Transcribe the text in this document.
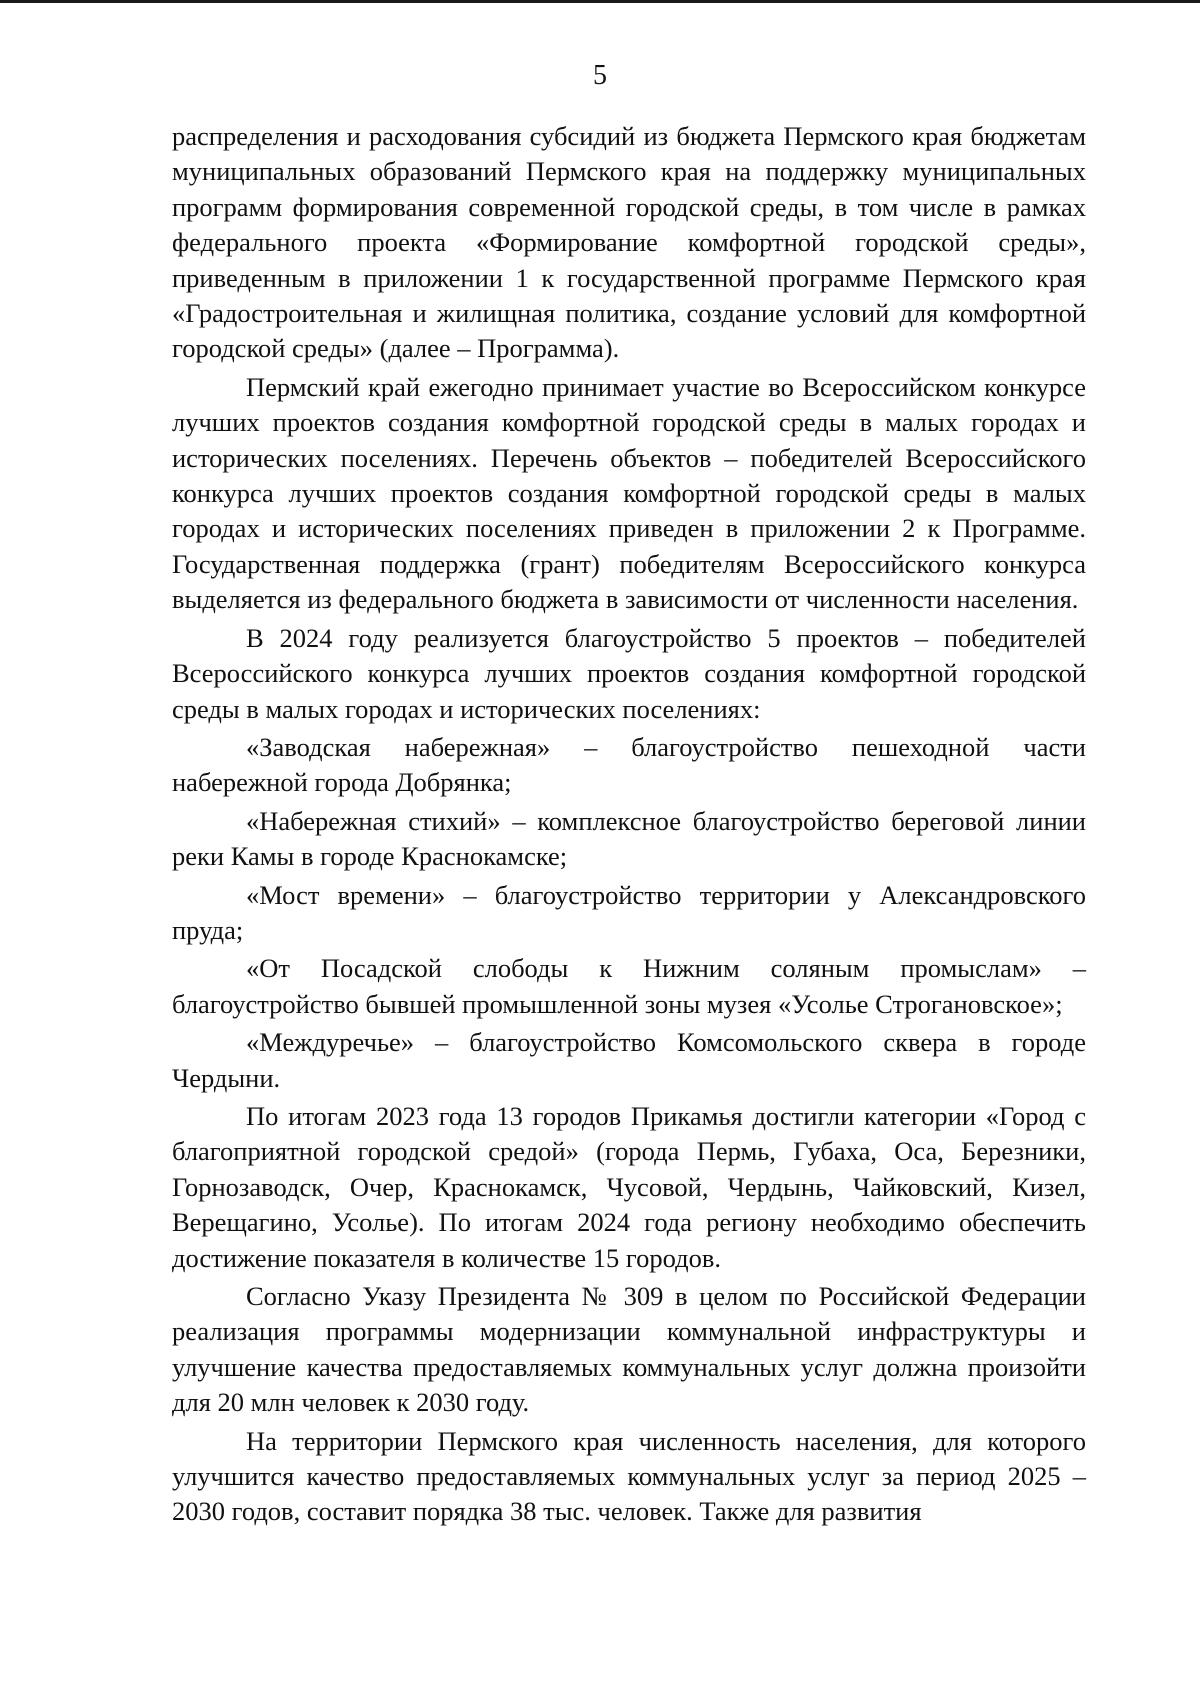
5

распределения и расходования субсидий из бюджета Пермского края бюджетам муниципальных образований Пермского края на поддержку муниципальных программ формирования современной городской среды, в том числе в рамках федерального проекта «Формирование комфортной городской среды», приведенным в приложении 1 к государственной программе Пермского края «Градостроительная и жилищная политика, создание условий для комфортной городской среды» (далее – Программа).

Пермский край ежегодно принимает участие во Всероссийском конкурсе лучших проектов создания комфортной городской среды в малых городах и исторических поселениях. Перечень объектов – победителей Всероссийского конкурса лучших проектов создания комфортной городской среды в малых городах и исторических поселениях приведен в приложении 2 к Программе. Государственная поддержка (грант) победителям Всероссийского конкурса выделяется из федерального бюджета в зависимости от численности населения.

В 2024 году реализуется благоустройство 5 проектов – победителей Всероссийского конкурса лучших проектов создания комфортной городской среды в малых городах и исторических поселениях:

«Заводская набережная» – благоустройство пешеходной части набережной города Добрянка;

«Набережная стихий» – комплексное благоустройство береговой линии реки Камы в городе Краснокамске;

«Мост времени» – благоустройство территории у Александровского пруда;

«От Посадской слободы к Нижним соляным промыслам» – благоустройство бывшей промышленной зоны музея «Усолье Строгановское»;

«Междуречье» – благоустройство Комсомольского сквера в городе Чердыни.

По итогам 2023 года 13 городов Прикамья достигли категории «Город с благоприятной городской средой» (города Пермь, Губаха, Оса, Березники, Горнозаводск, Очер, Краснокамск, Чусовой, Чердынь, Чайковский, Кизел, Верещагино, Усолье). По итогам 2024 года региону необходимо обеспечить достижение показателя в количестве 15 городов.

Согласно Указу Президента № 309 в целом по Российской Федерации реализация программы модернизации коммунальной инфраструктуры и улучшение качества предоставляемых коммунальных услуг должна произойти для 20 млн человек к 2030 году.

На территории Пермского края численность населения, для которого улучшится качество предоставляемых коммунальных услуг за период 2025 – 2030 годов, составит порядка 38 тыс. человек. Также для развития
